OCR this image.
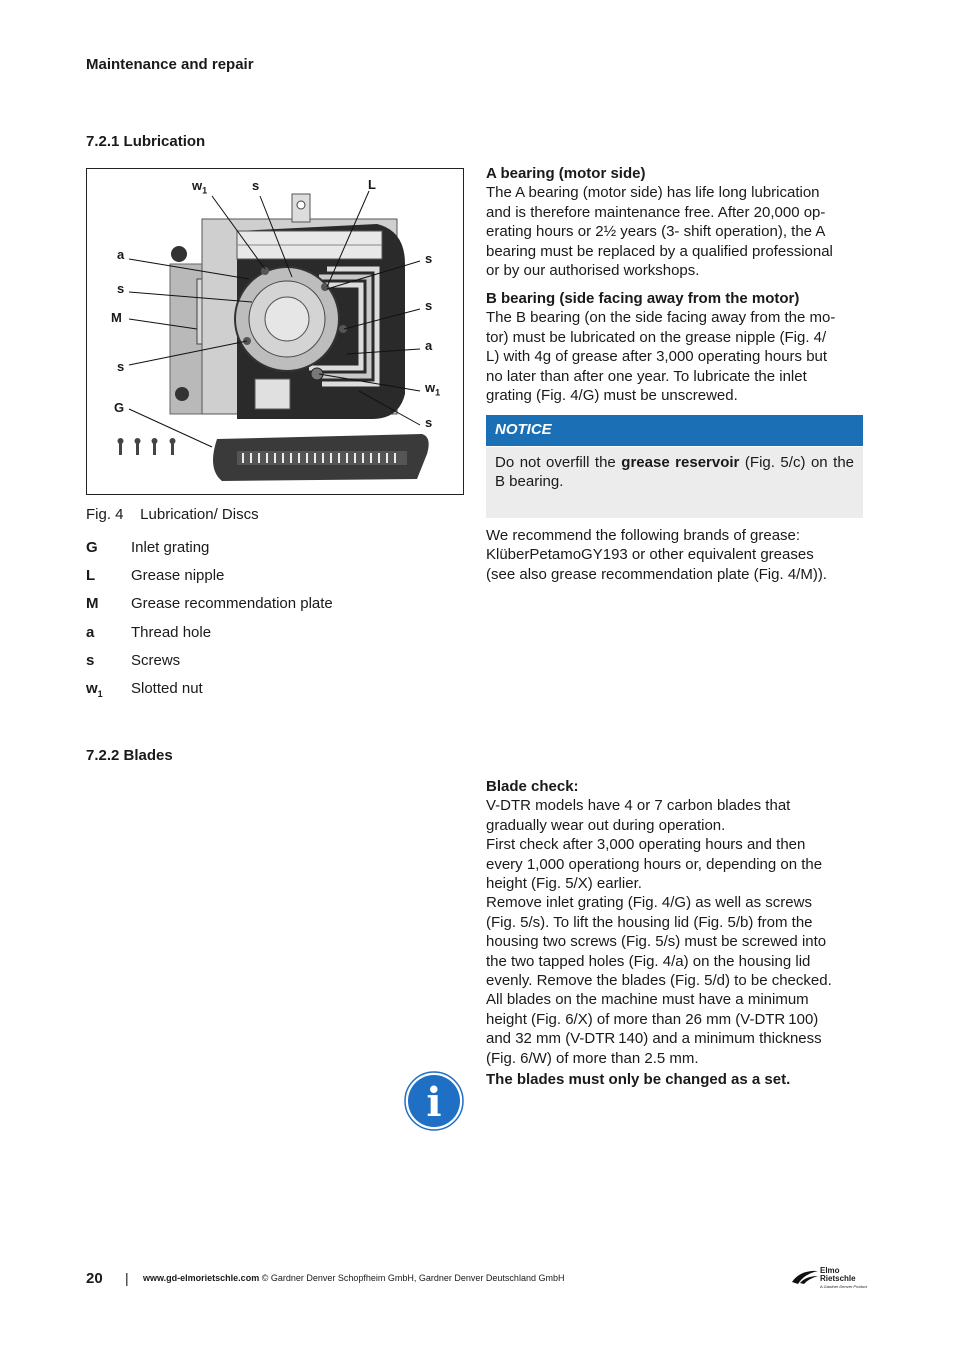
Maintenance and repair
7.2.1 Lubrication
$w_1$	s	L
a
s
M
s
G
s
s
a
$w_1$
s
Fig. 4    Lubrication/ Discs
G Inlet grating
L Grease nipple
M Grease recommendation plate
a Thread hole
s Screws
$w_1$ Slotted nut
A bearing (motor side)
The A bearing (motor side) has life long lubrication
and is therefore maintenance free. After 20,000 op-
erating hours or 2½ years (3- shift operation), the A
bearing must be replaced by a qualified professional
or by our authorised workshops.
B bearing (side facing away from the motor)
The B bearing (on the side facing away from the mo-
tor) must be lubricated on the grease nipple (Fig. 4/
L) with 4g of grease after 3,000 operating hours but
no later than after one year. To lubricate the inlet
grating (Fig. 4/G) must be unscrewed.
NOTICE
Do not overfill the grease reservoir (Fig. 5/c) on the B bearing.
We recommend the following brands of grease:
KlüberPetamoGY193 or other equivalent greases
(see also grease recommendation plate (Fig. 4/M)).
7.2.2 Blades
Blade check:
V-DTR models have 4 or 7 carbon blades that
gradually wear out during operation.
First check after 3,000 operating hours and then
every 1,000 operationg hours or, depending on the
height (Fig. 5/X) earlier.
Remove inlet grating (Fig. 4/G) as well as screws
(Fig. 5/s). To lift the housing lid (Fig. 5/b) from the
housing two screws (Fig. 5/s) must be screwed into
the two tapped holes (Fig. 4/a) on the housing lid
evenly. Remove the blades (Fig. 5/d) to be checked.
All blades on the machine must have a minimum
height (Fig. 6/X) of more than 26 mm (V-DTR 100)
and 32 mm (V-DTR 140) and a minimum thickness
(Fig. 6/W) of more than 2.5 mm.
The blades must only be changed as a set.
i
20 | www.gd-elmorietschle.com © Gardner Denver Schopfheim GmbH, Gardner Denver Deutschland GmbH
Elmo
Rietschle
A Gardner Denver Product
